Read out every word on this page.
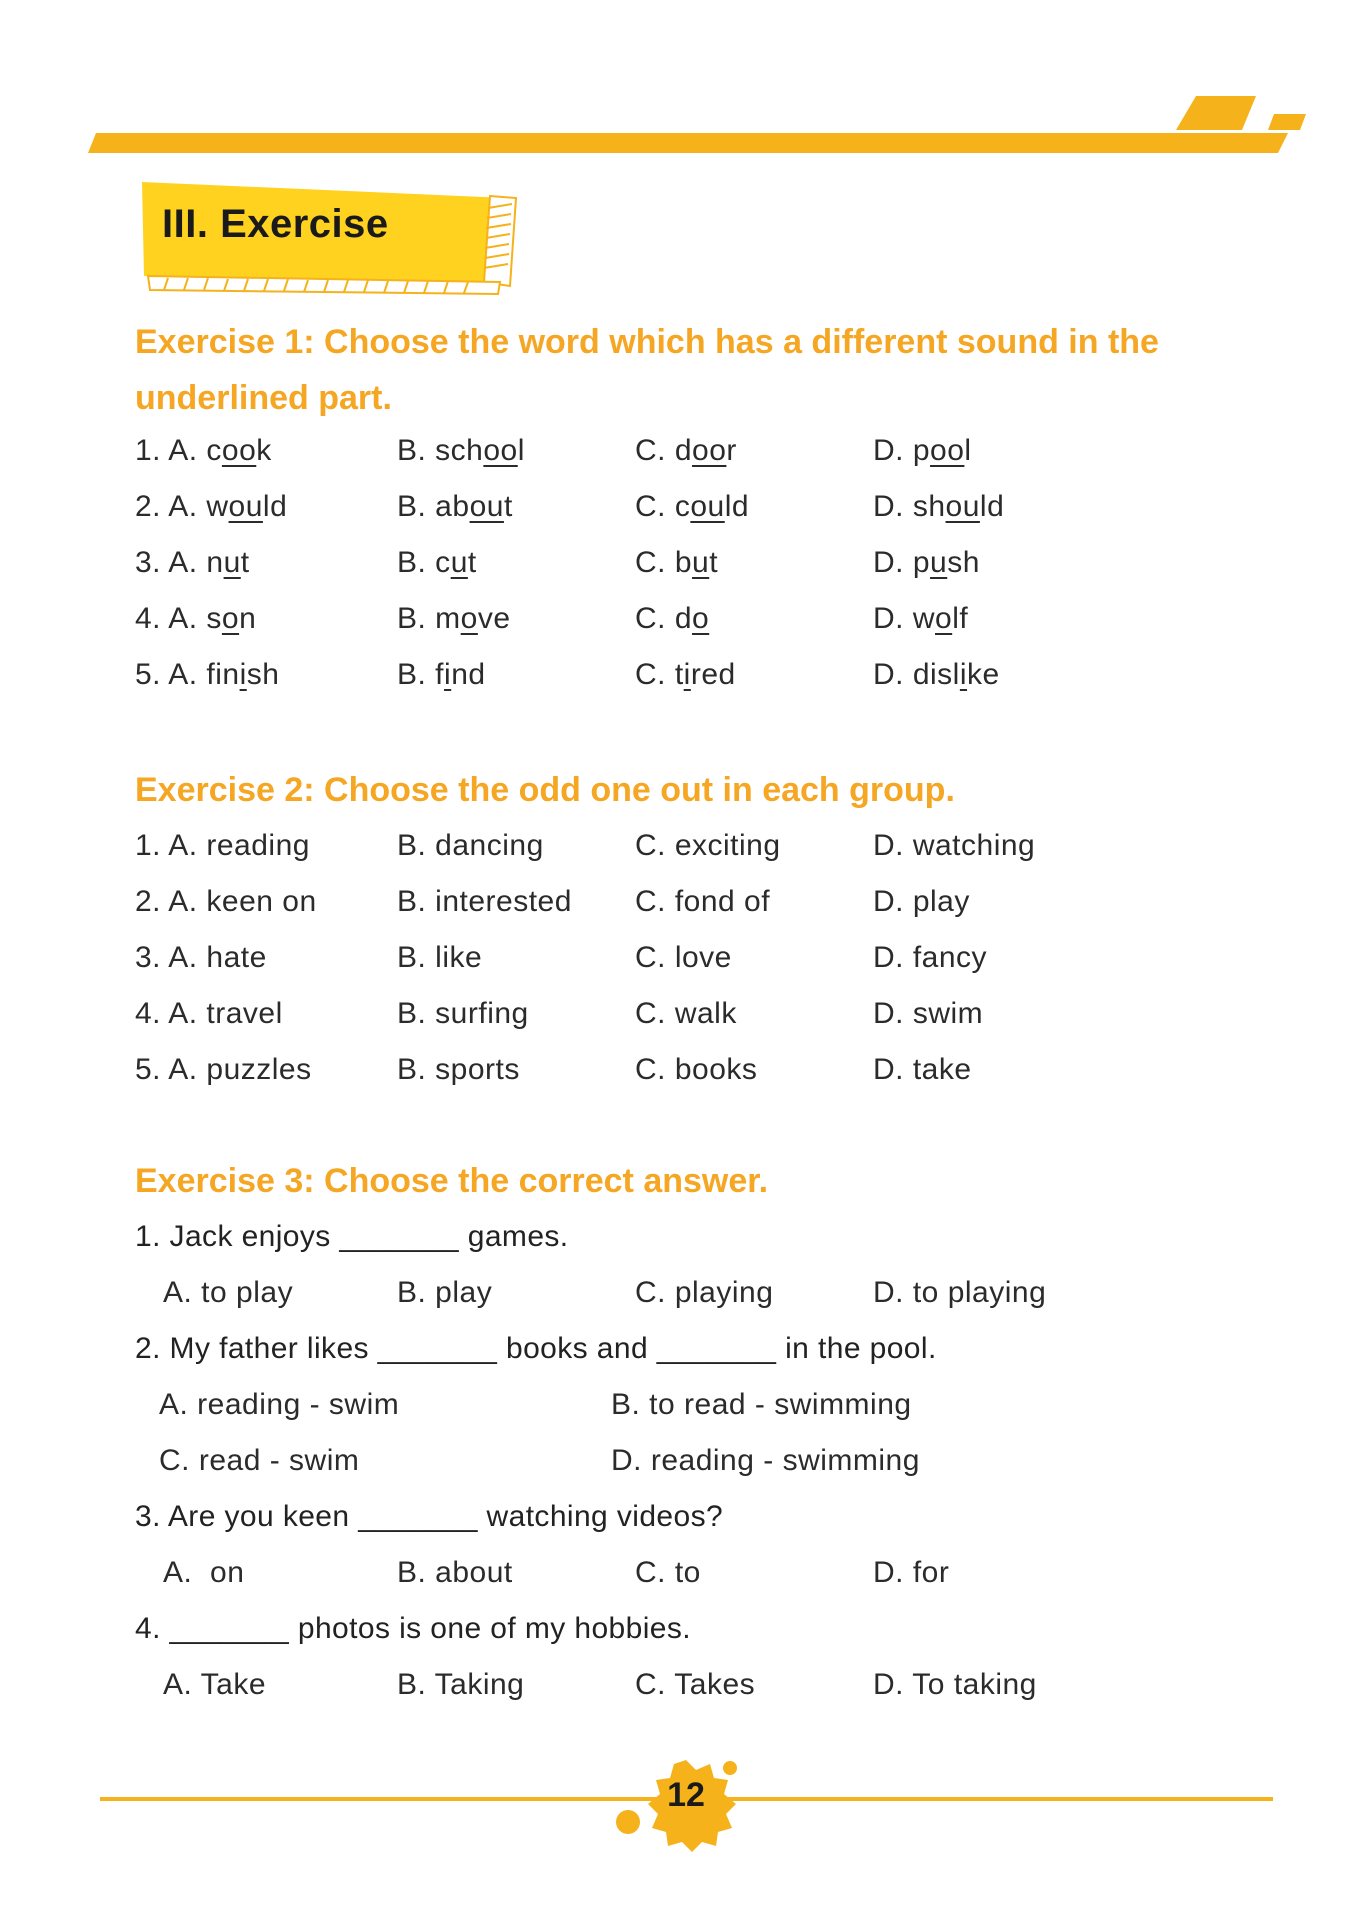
III. Exercise
Exercise 1: Choose the word which has a different sound in the
underlined part.
1. A. cook	B. school	C. door	D. pool
2. A. would	B. about	C. could	D. should
3. A. nut	B. cut	C. but	D. push
4. A. son	B. move	C. do	D. wolf
5. A. finish	B. find	C. tired	D. dislike
Exercise 2: Choose the odd one out in each group.
1. A. reading	B. dancing	C. exciting	D. watching
2. A. keen on	B. interested C. fond of	D. play
3. A. hate	B. like	C. love	D. fancy
4. A. travel	B. surfing	C. walk	D. swim
5. A. puzzles	B. sports	C. books	D. take
Exercise 3: Choose the correct answer.
1. Jack enjoys _______ games.
A. to play	B. play	C. playing	D. to playing
2. My father likes _______ books and _______ in the pool.
A. reading - swim	B. to read - swimming
C. read - swim	D. reading - swimming
3. Are you keen _______ watching videos?
A.  on	B. about	C. to	D. for
4. _______ photos is one of my hobbies.
A. Take	B. Taking	C. Takes	D. To taking
12
